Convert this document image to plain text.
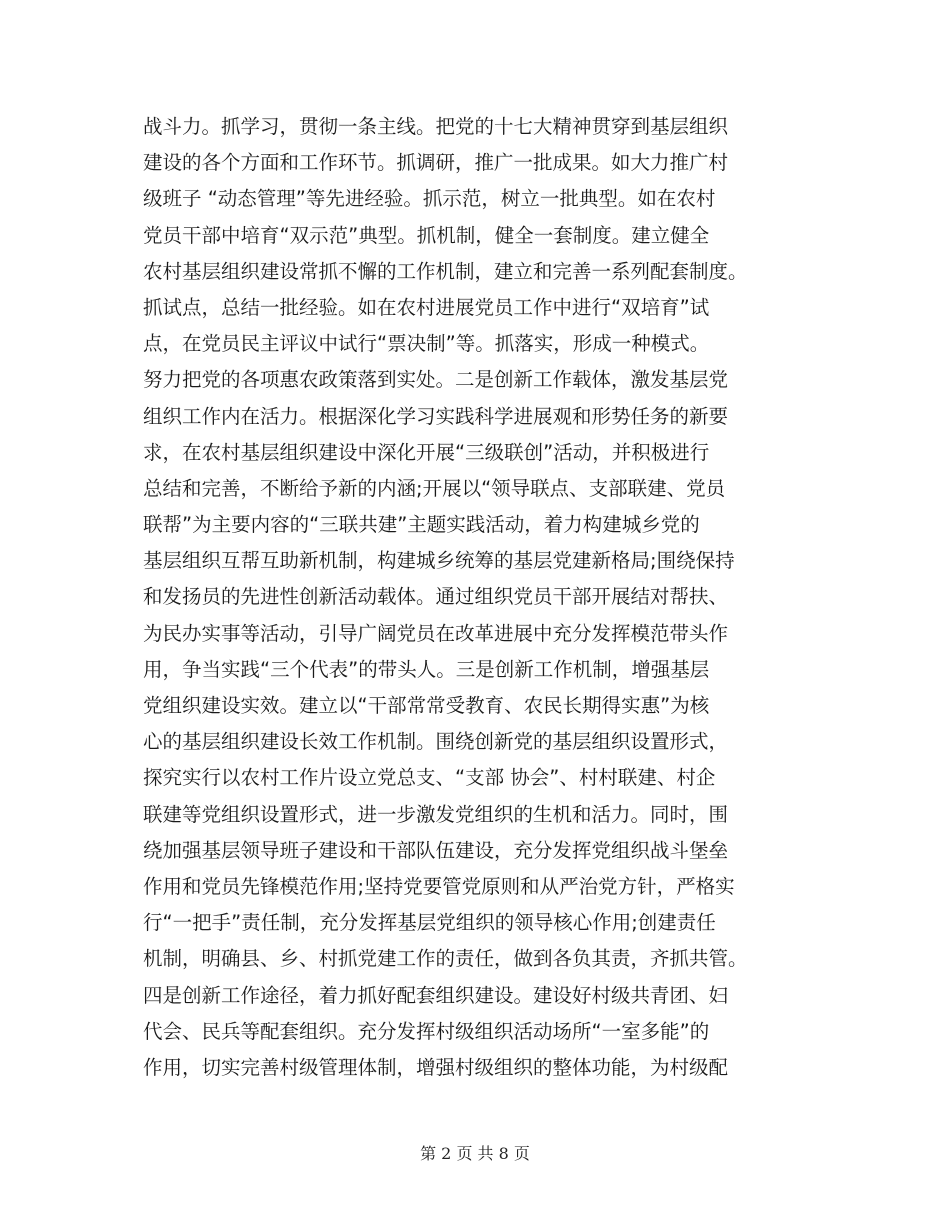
战斗力。抓学习，贯彻一条主线。把党的十七大精神贯穿到基层组织
建设的各个方面和工作环节。抓调研，推广一批成果。如大力推广村
级班子 “动态管理”等先进经验。抓示范，树立一批典型。如在农村
党员干部中培育“双示范”典型。抓机制，健全一套制度。建立健全
农村基层组织建设常抓不懈的工作机制，建立和完善一系列配套制度。
抓试点，总结一批经验。如在农村进展党员工作中进行“双培育”试
点，在党员民主评议中试行“票决制”等。抓落实，形成一种模式。
努力把党的各项惠农政策落到实处。二是创新工作载体，激发基层党
组织工作内在活力。根据深化学习实践科学进展观和形势任务的新要
求，在农村基层组织建设中深化开展“三级联创”活动，并积极进行
总结和完善，不断给予新的内涵;开展以“领导联点、支部联建、党员
联帮”为主要内容的“三联共建”主题实践活动，着力构建城乡党的
基层组织互帮互助新机制，构建城乡统筹的基层党建新格局;围绕保持
和发扬员的先进性创新活动载体。通过组织党员干部开展结对帮扶、
为民办实事等活动，引导广阔党员在改革进展中充分发挥模范带头作
用，争当实践“三个代表”的带头人。三是创新工作机制，增强基层
党组织建设实效。建立以“干部常常受教育、农民长期得实惠”为核
心的基层组织建设长效工作机制。围绕创新党的基层组织设置形式，
探究实行以农村工作片设立党总支、“支部 协会”、村村联建、村企
联建等党组织设置形式，进一步激发党组织的生机和活力。同时，围
绕加强基层领导班子建设和干部队伍建设，充分发挥党组织战斗堡垒
作用和党员先锋模范作用;坚持党要管党原则和从严治党方针，严格实
行“一把手”责任制，充分发挥基层党组织的领导核心作用;创建责任
机制，明确县、乡、村抓党建工作的责任，做到各负其责，齐抓共管。
四是创新工作途径，着力抓好配套组织建设。建设好村级共青团、妇
代会、民兵等配套组织。充分发挥村级组织活动场所“一室多能”的
作用，切实完善村级管理体制，增强村级组织的整体功能，为村级配
第 2 页 共 8 页
